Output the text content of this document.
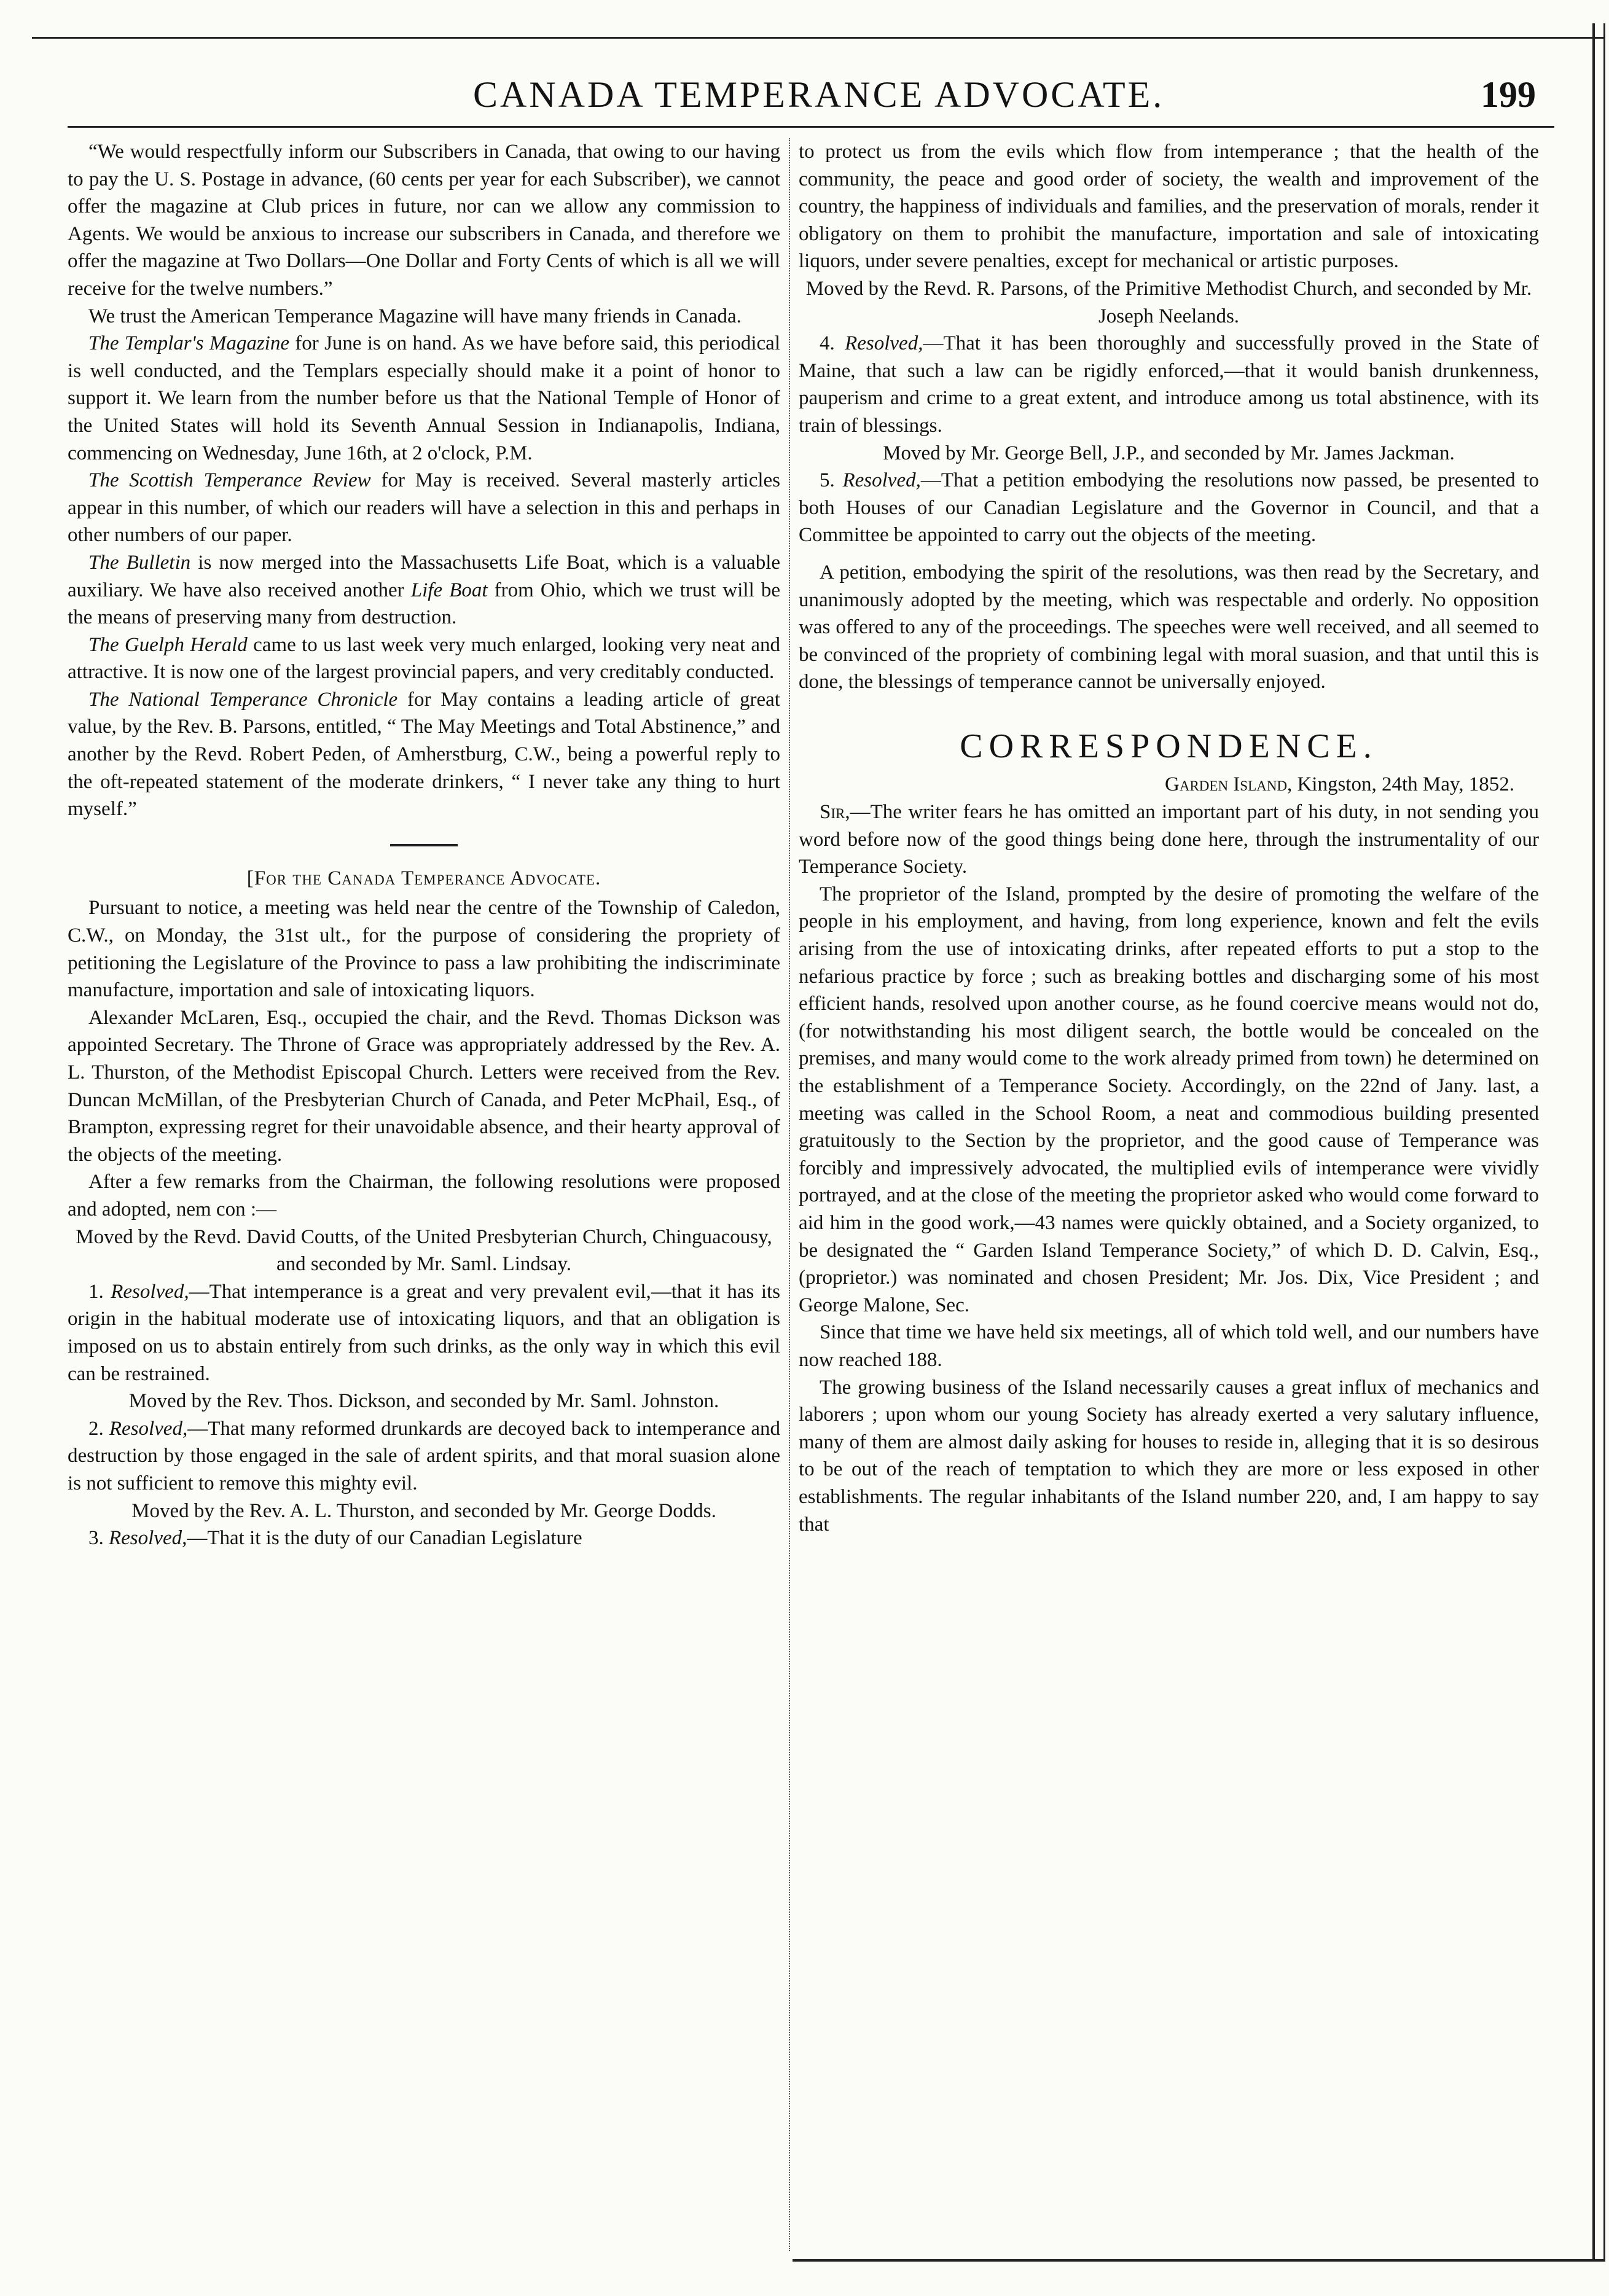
CANADA TEMPERANCE ADVOCATE.	199

“We would respectfully inform our Subscribers in Canada, that owing to our having to pay the U. S. Postage in advance, (60 cents per year for each Subscriber), we cannot offer the magazine at Club prices in future, nor can we allow any commission to Agents. We would be anxious to increase our subscribers in Canada, and therefore we offer the magazine at Two Dollars—One Dollar and Forty Cents of which is all we will receive for the twelve numbers.”

We trust the American Temperance Magazine will have many friends in Canada.

The Templar's Magazine for June is on hand. As we have before said, this periodical is well conducted, and the Templars especially should make it a point of honor to support it. We learn from the number before us that the National Temple of Honor of the United States will hold its Seventh Annual Session in Indianapolis, Indiana, commencing on Wednesday, June 16th, at 2 o'clock, P.M.

The Scottish Temperance Review for May is received. Several masterly articles appear in this number, of which our readers will have a selection in this and perhaps in other numbers of our paper.

The Bulletin is now merged into the Massachusetts Life Boat, which is a valuable auxiliary. We have also received another Life Boat from Ohio, which we trust will be the means of preserving many from destruction.

The Guelph Herald came to us last week very much enlarged, looking very neat and attractive. It is now one of the largest provincial papers, and very creditably conducted.

The National Temperance Chronicle for May contains a leading article of great value, by the Rev. B. Parsons, entitled, “ The May Meetings and Total Abstinence,” and another by the Revd. Robert Peden, of Amherstburg, C.W., being a powerful reply to the oft-repeated statement of the moderate drinkers, “ I never take any thing to hurt myself.”

[For the Canada Temperance Advocate.

Pursuant to notice, a meeting was held near the centre of the Township of Caledon, C.W., on Monday, the 31st ult., for the purpose of considering the propriety of petitioning the Legislature of the Province to pass a law prohibiting the indiscriminate manufacture, importation and sale of intoxicating liquors.

Alexander McLaren, Esq., occupied the chair, and the Revd. Thomas Dickson was appointed Secretary. The Throne of Grace was appropriately addressed by the Rev. A. L. Thurston, of the Methodist Episcopal Church. Letters were received from the Rev. Duncan McMillan, of the Presbyterian Church of Canada, and Peter McPhail, Esq., of Brampton, expressing regret for their unavoidable absence, and their hearty approval of the objects of the meeting.

After a few remarks from the Chairman, the following resolutions were proposed and adopted, nem con :—

Moved by the Revd. David Coutts, of the United Presbyterian Church, Chinguacousy, and seconded by Mr. Saml. Lindsay.

1. Resolved,—That intemperance is a great and very prevalent evil,—that it has its origin in the habitual moderate use of intoxicating liquors, and that an obligation is imposed on us to abstain entirely from such drinks, as the only way in which this evil can be restrained.

Moved by the Rev. Thos. Dickson, and seconded by Mr. Saml. Johnston.

2. Resolved,—That many reformed drunkards are decoyed back to intemperance and destruction by those engaged in the sale of ardent spirits, and that moral suasion alone is not sufficient to remove this mighty evil.

Moved by the Rev. A. L. Thurston, and seconded by Mr. George Dodds.

3. Resolved,—That it is the duty of our Canadian Legislature

to protect us from the evils which flow from intemperance ; that the health of the community, the peace and good order of society, the wealth and improvement of the country, the happiness of individuals and families, and the preservation of morals, render it obligatory on them to prohibit the manufacture, importation and sale of intoxicating liquors, under severe penalties, except for mechanical or artistic purposes.

Moved by the Revd. R. Parsons, of the Primitive Methodist Church, and seconded by Mr. Joseph Neelands.

4. Resolved,—That it has been thoroughly and successfully proved in the State of Maine, that such a law can be rigidly enforced,—that it would banish drunkenness, pauperism and crime to a great extent, and introduce among us total abstinence, with its train of blessings.

Moved by Mr. George Bell, J.P., and seconded by Mr. James Jackman.

5. Resolved,—That a petition embodying the resolutions now passed, be presented to both Houses of our Canadian Legislature and the Governor in Council, and that a Committee be appointed to carry out the objects of the meeting.

A petition, embodying the spirit of the resolutions, was then read by the Secretary, and unanimously adopted by the meeting, which was respectable and orderly. No opposition was offered to any of the proceedings. The speeches were well received, and all seemed to be convinced of the propriety of combining legal with moral suasion, and that until this is done, the blessings of temperance cannot be universally enjoyed.

CORRESPONDENCE.

Garden Island, Kingston, 24th May, 1852.

Sir,—The writer fears he has omitted an important part of his duty, in not sending you word before now of the good things being done here, through the instrumentality of our Temperance Society.

The proprietor of the Island, prompted by the desire of promoting the welfare of the people in his employment, and having, from long experience, known and felt the evils arising from the use of intoxicating drinks, after repeated efforts to put a stop to the nefarious practice by force ; such as breaking bottles and discharging some of his most efficient hands, resolved upon another course, as he found coercive means would not do, (for notwithstanding his most diligent search, the bottle would be concealed on the premises, and many would come to the work already primed from town) he determined on the establishment of a Temperance Society. Accordingly, on the 22nd of Jany. last, a meeting was called in the School Room, a neat and commodious building presented gratuitously to the Section by the proprietor, and the good cause of Temperance was forcibly and impressively advocated, the multiplied evils of intemperance were vividly portrayed, and at the close of the meeting the proprietor asked who would come forward to aid him in the good work,—43 names were quickly obtained, and a Society organized, to be designated the “ Garden Island Temperance Society,” of which D. D. Calvin, Esq., (proprietor.) was nominated and chosen President; Mr. Jos. Dix, Vice President ; and George Malone, Sec.

Since that time we have held six meetings, all of which told well, and our numbers have now reached 188.

The growing business of the Island necessarily causes a great influx of mechanics and laborers ; upon whom our young Society has already exerted a very salutary influence, many of them are almost daily asking for houses to reside in, alleging that it is so desirous to be out of the reach of temptation to which they are more or less exposed in other establishments. The regular inhabitants of the Island number 220, and, I am happy to say that
